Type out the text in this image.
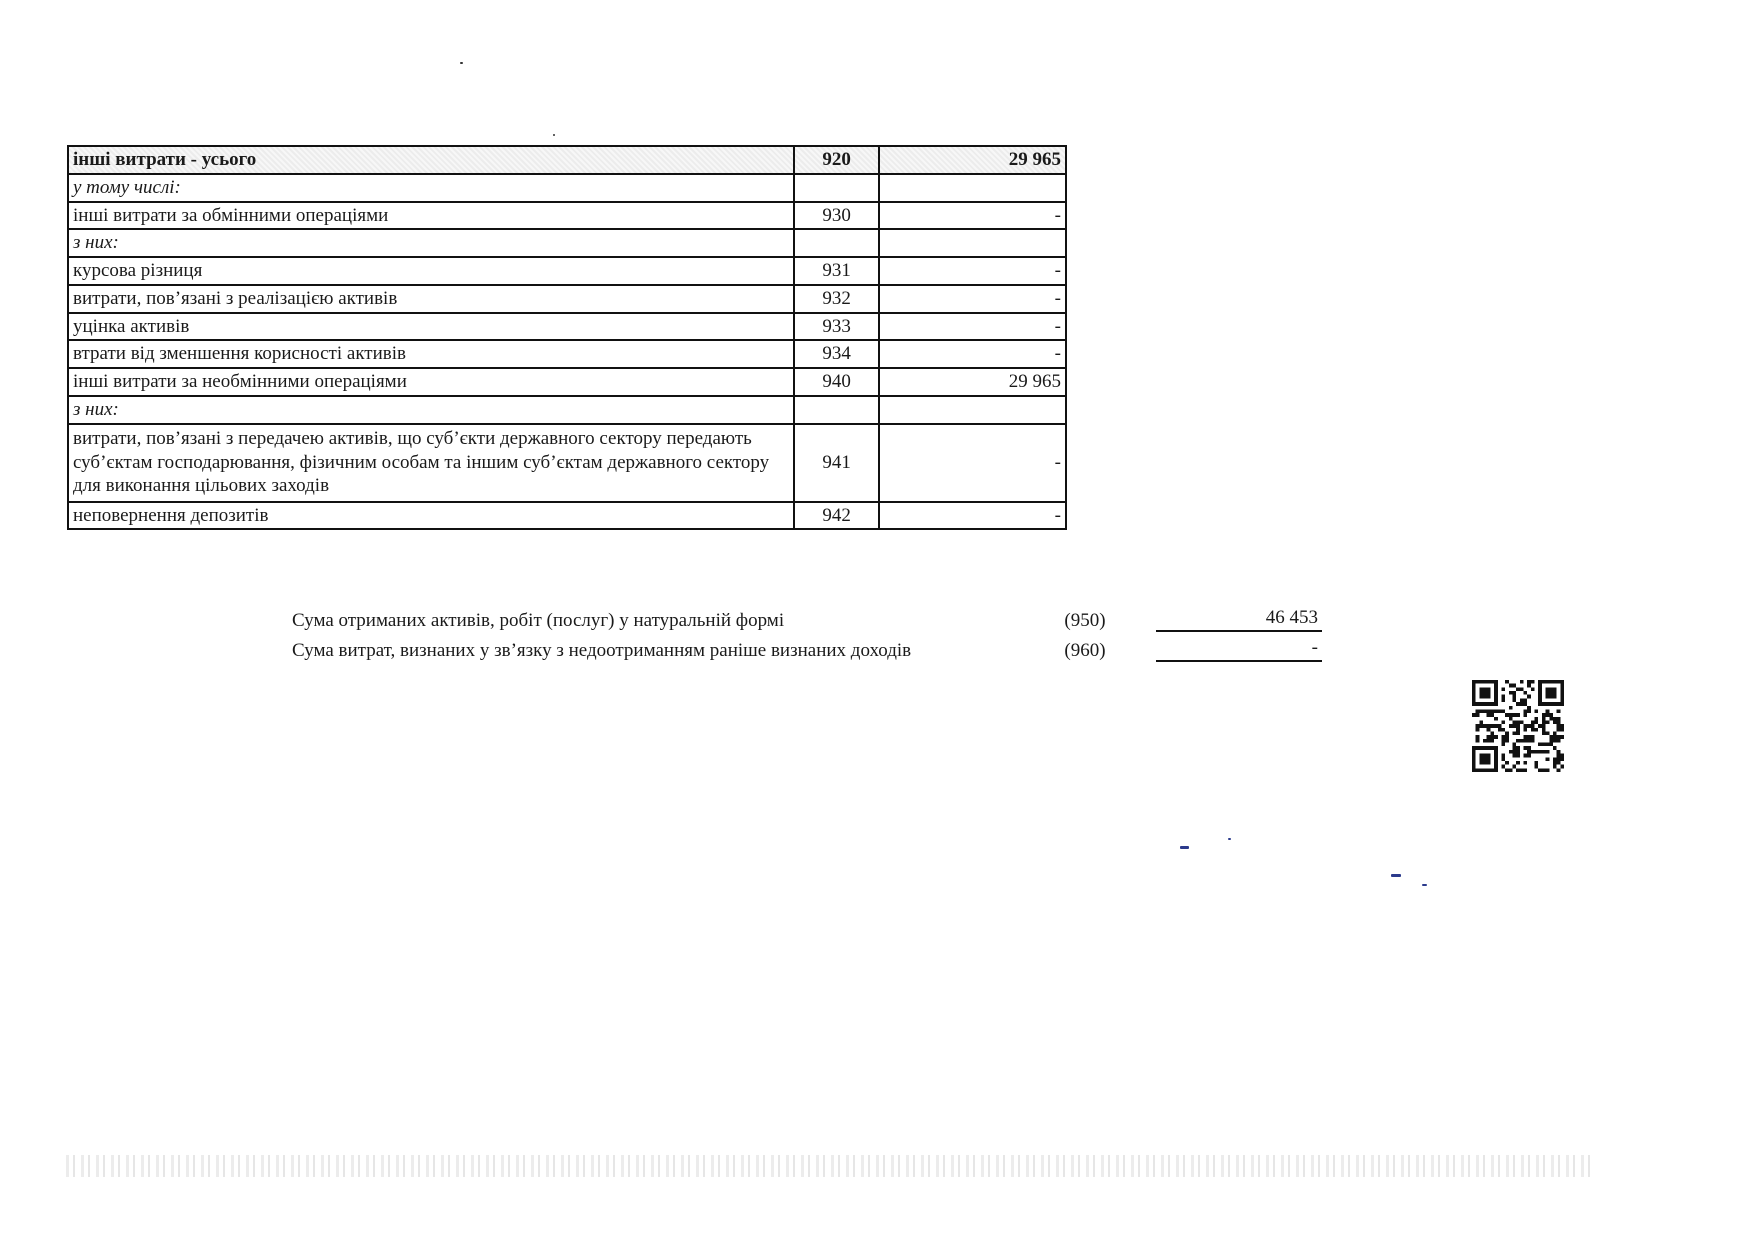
інші витрати - усього	920	29 965
у тому числі:		
інші витрати за обмінними операціями	930	-
з них:		
курсова різниця	931	-
витрати, пов’язані з реалізацією активів	932	-
уцінка активів	933	-
втрати від зменшення корисності активів	934	-
інші витрати за необмінними операціями	940	29 965
з них:		
витрати, пов’язані з передачею активів, що суб’єкти державного сектору передають суб’єктам господарювання, фізичним особам та іншим суб’єктам державного сектору для виконання цільових заходів	941	-
неповернення депозитів	942	-
Сума отриманих активів, робіт (послуг) у натуральній формі	(950)	46 453
Сума витрат, визнаних у зв’язку з недоотриманням раніше визнаних доходів	(960)	-
